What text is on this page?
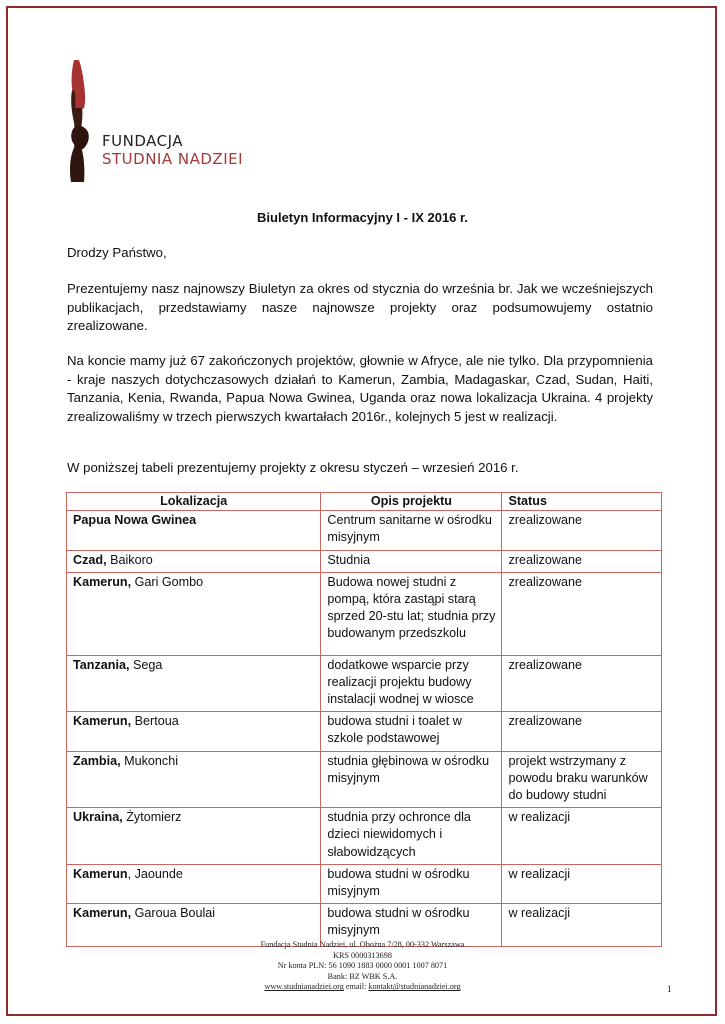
FUNDACJA
STUDNIA NADZIEI
Biuletyn Informacyjny I - IX 2016 r.

Drodzy Państwo,

Prezentujemy nasz najnowszy Biuletyn za okres od stycznia do września br. Jak we wcześniejszych publikacjach, przedstawiamy nasze najnowsze projekty oraz podsumowujemy ostatnio zrealizowane.

Na koncie mamy już 67 zakończonych projektów, głownie w Afryce, ale nie tylko. Dla przypomnienia - kraje naszych dotychczasowych działań to Kamerun, Zambia, Madagaskar, Czad, Sudan, Haiti, Tanzania, Kenia, Rwanda, Papua Nowa Gwinea, Uganda oraz nowa lokalizacja Ukraina. 4 projekty zrealizowaliśmy w trzech pierwszych kwartałach 2016r., kolejnych 5 jest w realizacji.

W poniższej tabeli prezentujemy projekty z okresu styczeń – wrzesień 2016 r.

Lokalizacja	Opis projektu	Status
Papua Nowa Gwinea	Centrum sanitarne w ośrodku misyjnym	zrealizowane
Czad, Baikoro	Studnia	zrealizowane
Kamerun, Gari Gombo	Budowa nowej studni z pompą, która zastąpi starą sprzed 20-stu lat; studnia przy budowanym przedszkolu	zrealizowane
Tanzania, Sega	dodatkowe wsparcie przy realizacji projektu budowy instalacji wodnej w wiosce	zrealizowane
Kamerun, Bertoua	budowa studni i toalet w szkole podstawowej	zrealizowane
Zambia, Mukonchi	studnia głębinowa w ośrodku misyjnym	projekt wstrzymany z powodu braku warunków do budowy studni
Ukraina, Żytomierz	studnia przy ochronce dla dzieci niewidomych i słabowidzących	w realizacji
Kamerun, Jaounde	budowa studni w ośrodku misyjnym	w realizacji
Kamerun, Garoua Boulai	budowa studni w ośrodku misyjnym	w realizacji
Fundacja Studnia Nadziei, ul. Obożna 7/28, 00-332 Warszawa
KRS 0000313698
Nr konta PLN: 56 1090 1883 0000 0001 1007 8071
Bank: BZ WBK S.A.
www.studnianadziei.org email: kontakt@studnianadziei.org	1
